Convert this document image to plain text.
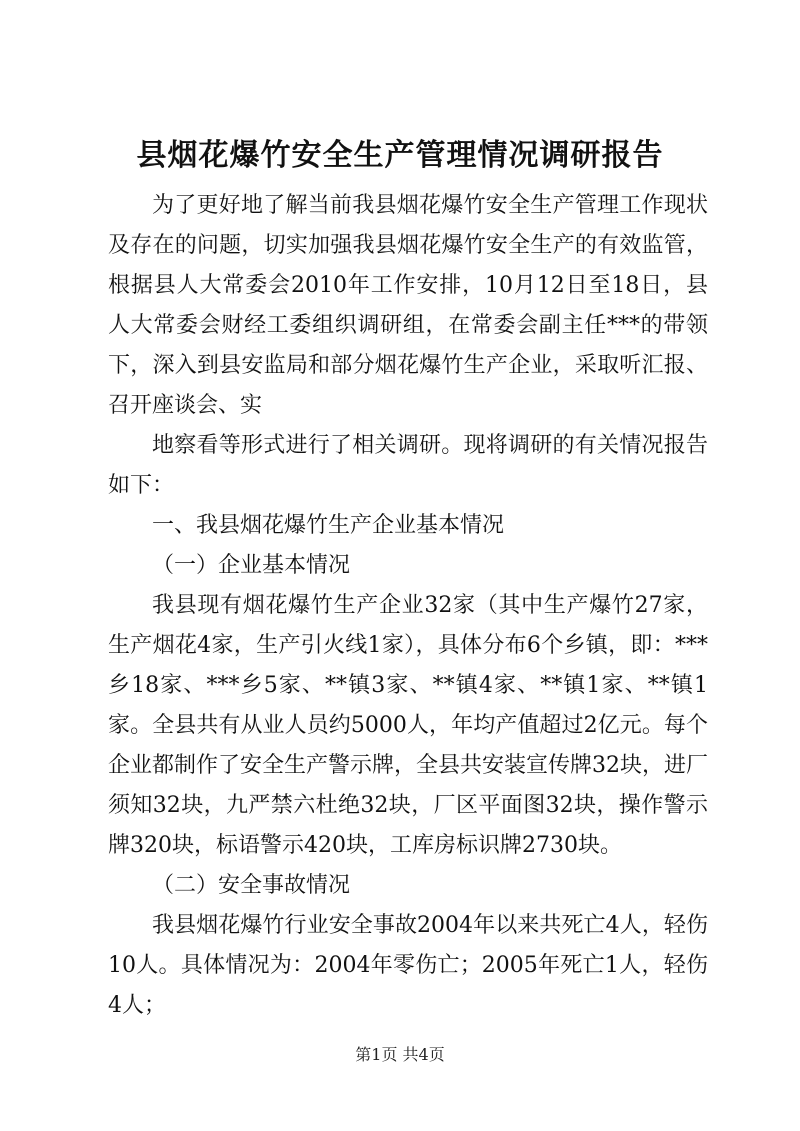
县烟花爆竹安全生产管理情况调研报告

为了更好地了解当前我县烟花爆竹安全生产管理工作现状及存在的问题，切实加强我县烟花爆竹安全生产的有效监管，根据县人大常委会2010年工作安排，10月12日至18日，县人大常委会财经工委组织调研组，在常委会副主任***的带领下，深入到县安监局和部分烟花爆竹生产企业，采取听汇报、召开座谈会、实

地察看等形式进行了相关调研。现将调研的有关情况报告如下：

一、我县烟花爆竹生产企业基本情况

（一）企业基本情况

我县现有烟花爆竹生产企业32家（其中生产爆竹27家，生产烟花4家，生产引火线1家），具体分布6个乡镇，即：***乡18家、***乡5家、**镇3家、**镇4家、**镇1家、**镇1家。全县共有从业人员约5000人，年均产值超过2亿元。每个企业都制作了安全生产警示牌，全县共安装宣传牌32块，进厂须知32块，九严禁六杜绝32块，厂区平面图32块，操作警示牌320块，标语警示420块，工库房标识牌2730块。

（二）安全事故情况

我县烟花爆竹行业安全事故2004年以来共死亡4人，轻伤10人。具体情况为：2004年零伤亡；2005年死亡1人，轻伤4人；

第1页 共4页
